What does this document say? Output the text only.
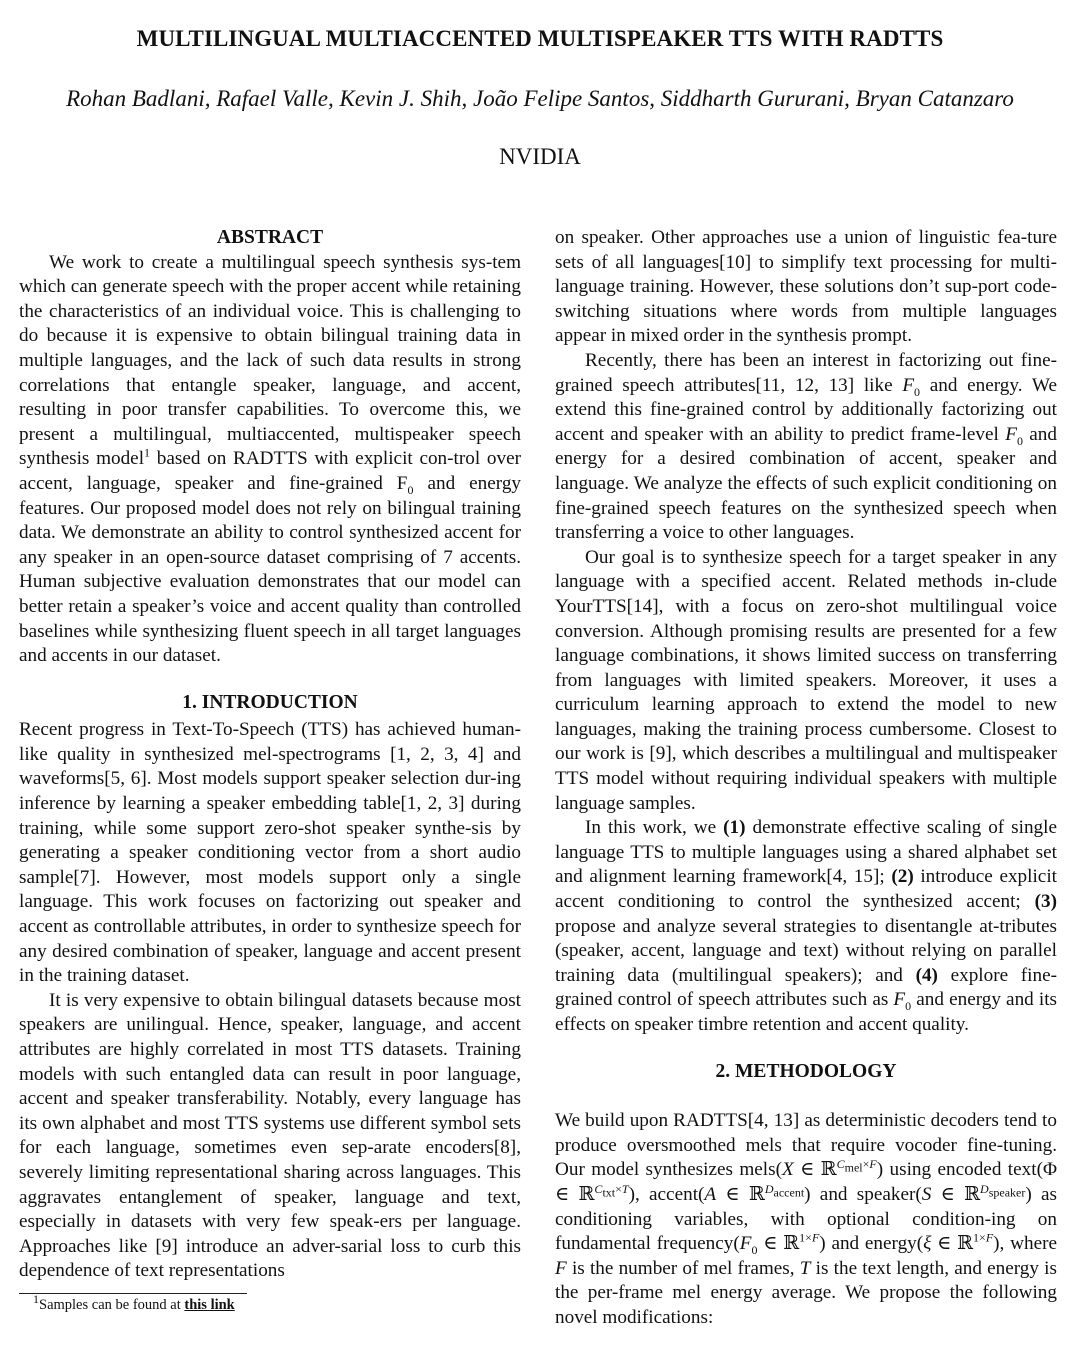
MULTILINGUAL MULTIACCENTED MULTISPEAKER TTS WITH RADTTS
Rohan Badlani, Rafael Valle, Kevin J. Shih, João Felipe Santos, Siddharth Gururani, Bryan Catanzaro
NVIDIA
ABSTRACT

We work to create a multilingual speech synthesis sys-tem which can generate speech with the proper accent while retaining the characteristics of an individual voice. This is challenging to do because it is expensive to obtain bilingual training data in multiple languages, and the lack of such data results in strong correlations that entangle speaker, language, and accent, resulting in poor transfer capabilities. To overcome this, we present a multilingual, multiaccented, multispeaker speech synthesis model$^1$ based on RADTTS with explicit con-trol over accent, language, speaker and fine-grained $F_0$ and energy features. Our proposed model does not rely on bilingual training data. We demonstrate an ability to control synthesized accent for any speaker in an open-source dataset comprising of 7 accents. Human subjective evaluation demonstrates that our model can better retain a speaker’s voice and accent quality than controlled baselines while synthesizing fluent speech in all target languages and accents in our dataset.

1. INTRODUCTION

Recent progress in Text-To-Speech (TTS) has achieved human-like quality in synthesized mel-spectrograms [1, 2, 3, 4] and waveforms[5, 6]. Most models support speaker selection dur-ing inference by learning a speaker embedding table[1, 2, 3] during training, while some support zero-shot speaker synthe-sis by generating a speaker conditioning vector from a short audio sample[7]. However, most models support only a single language. This work focuses on factorizing out speaker and accent as controllable attributes, in order to synthesize speech for any desired combination of speaker, language and accent present in the training dataset.

It is very expensive to obtain bilingual datasets because most speakers are unilingual. Hence, speaker, language, and accent attributes are highly correlated in most TTS datasets. Training models with such entangled data can result in poor language, accent and speaker transferability. Notably, every language has its own alphabet and most TTS systems use different symbol sets for each language, sometimes even sep-arate encoders[8], severely limiting representational sharing across languages. This aggravates entanglement of speaker, language and text, especially in datasets with very few speak-ers per language. Approaches like [9] introduce an adver-sarial loss to curb this dependence of text representations

on speaker. Other approaches use a union of linguistic fea-ture sets of all languages[10] to simplify text processing for multi-language training. However, these solutions don’t sup-port code-switching situations where words from multiple languages appear in mixed order in the synthesis prompt.

Recently, there has been an interest in factorizing out fine-grained speech attributes[11, 12, 13] like $F_0$ and energy. We extend this fine-grained control by additionally factorizing out accent and speaker with an ability to predict frame-level $F_0$ and energy for a desired combination of accent, speaker and language. We analyze the effects of such explicit conditioning on fine-grained speech features on the synthesized speech when transferring a voice to other languages.

Our goal is to synthesize speech for a target speaker in any language with a specified accent. Related methods in-clude YourTTS[14], with a focus on zero-shot multilingual voice conversion. Although promising results are presented for a few language combinations, it shows limited success on transferring from languages with limited speakers. Moreover, it uses a curriculum learning approach to extend the model to new languages, making the training process cumbersome. Closest to our work is [9], which describes a multilingual and multispeaker TTS model without requiring individual speakers with multiple language samples.

In this work, we (1) demonstrate effective scaling of single language TTS to multiple languages using a shared alphabet set and alignment learning framework[4, 15]; (2) introduce explicit accent conditioning to control the synthesized accent; (3) propose and analyze several strategies to disentangle at-tributes (speaker, accent, language and text) without relying on parallel training data (multilingual speakers); and (4) explore fine-grained control of speech attributes such as $F_0$ and energy and its effects on speaker timbre retention and accent quality.

2. METHODOLOGY

We build upon RADTTS[4, 13] as deterministic decoders tend to produce oversmoothed mels that require vocoder fine-tuning. Our model synthesizes mels(X ∈ ℝ$^{C_{mel}\times F}$) using encoded text(Φ ∈ ℝ$^{C_{txt}\times T}$), accent(A ∈ ℝ$^{D_{accent}}$) and speaker(S ∈ ℝ$^{D_{speaker}}$) as conditioning variables, with optional condition-ing on fundamental $frequency(F_0$ ∈ ℝ$^{1\times F}$) and energy(ξ ∈ ℝ$^{1\times F}$), where F is the number of mel frames, T is the text length, and energy is the per-frame mel energy average. We propose the following novel modifications:

$^1$Samples can be found at this link
